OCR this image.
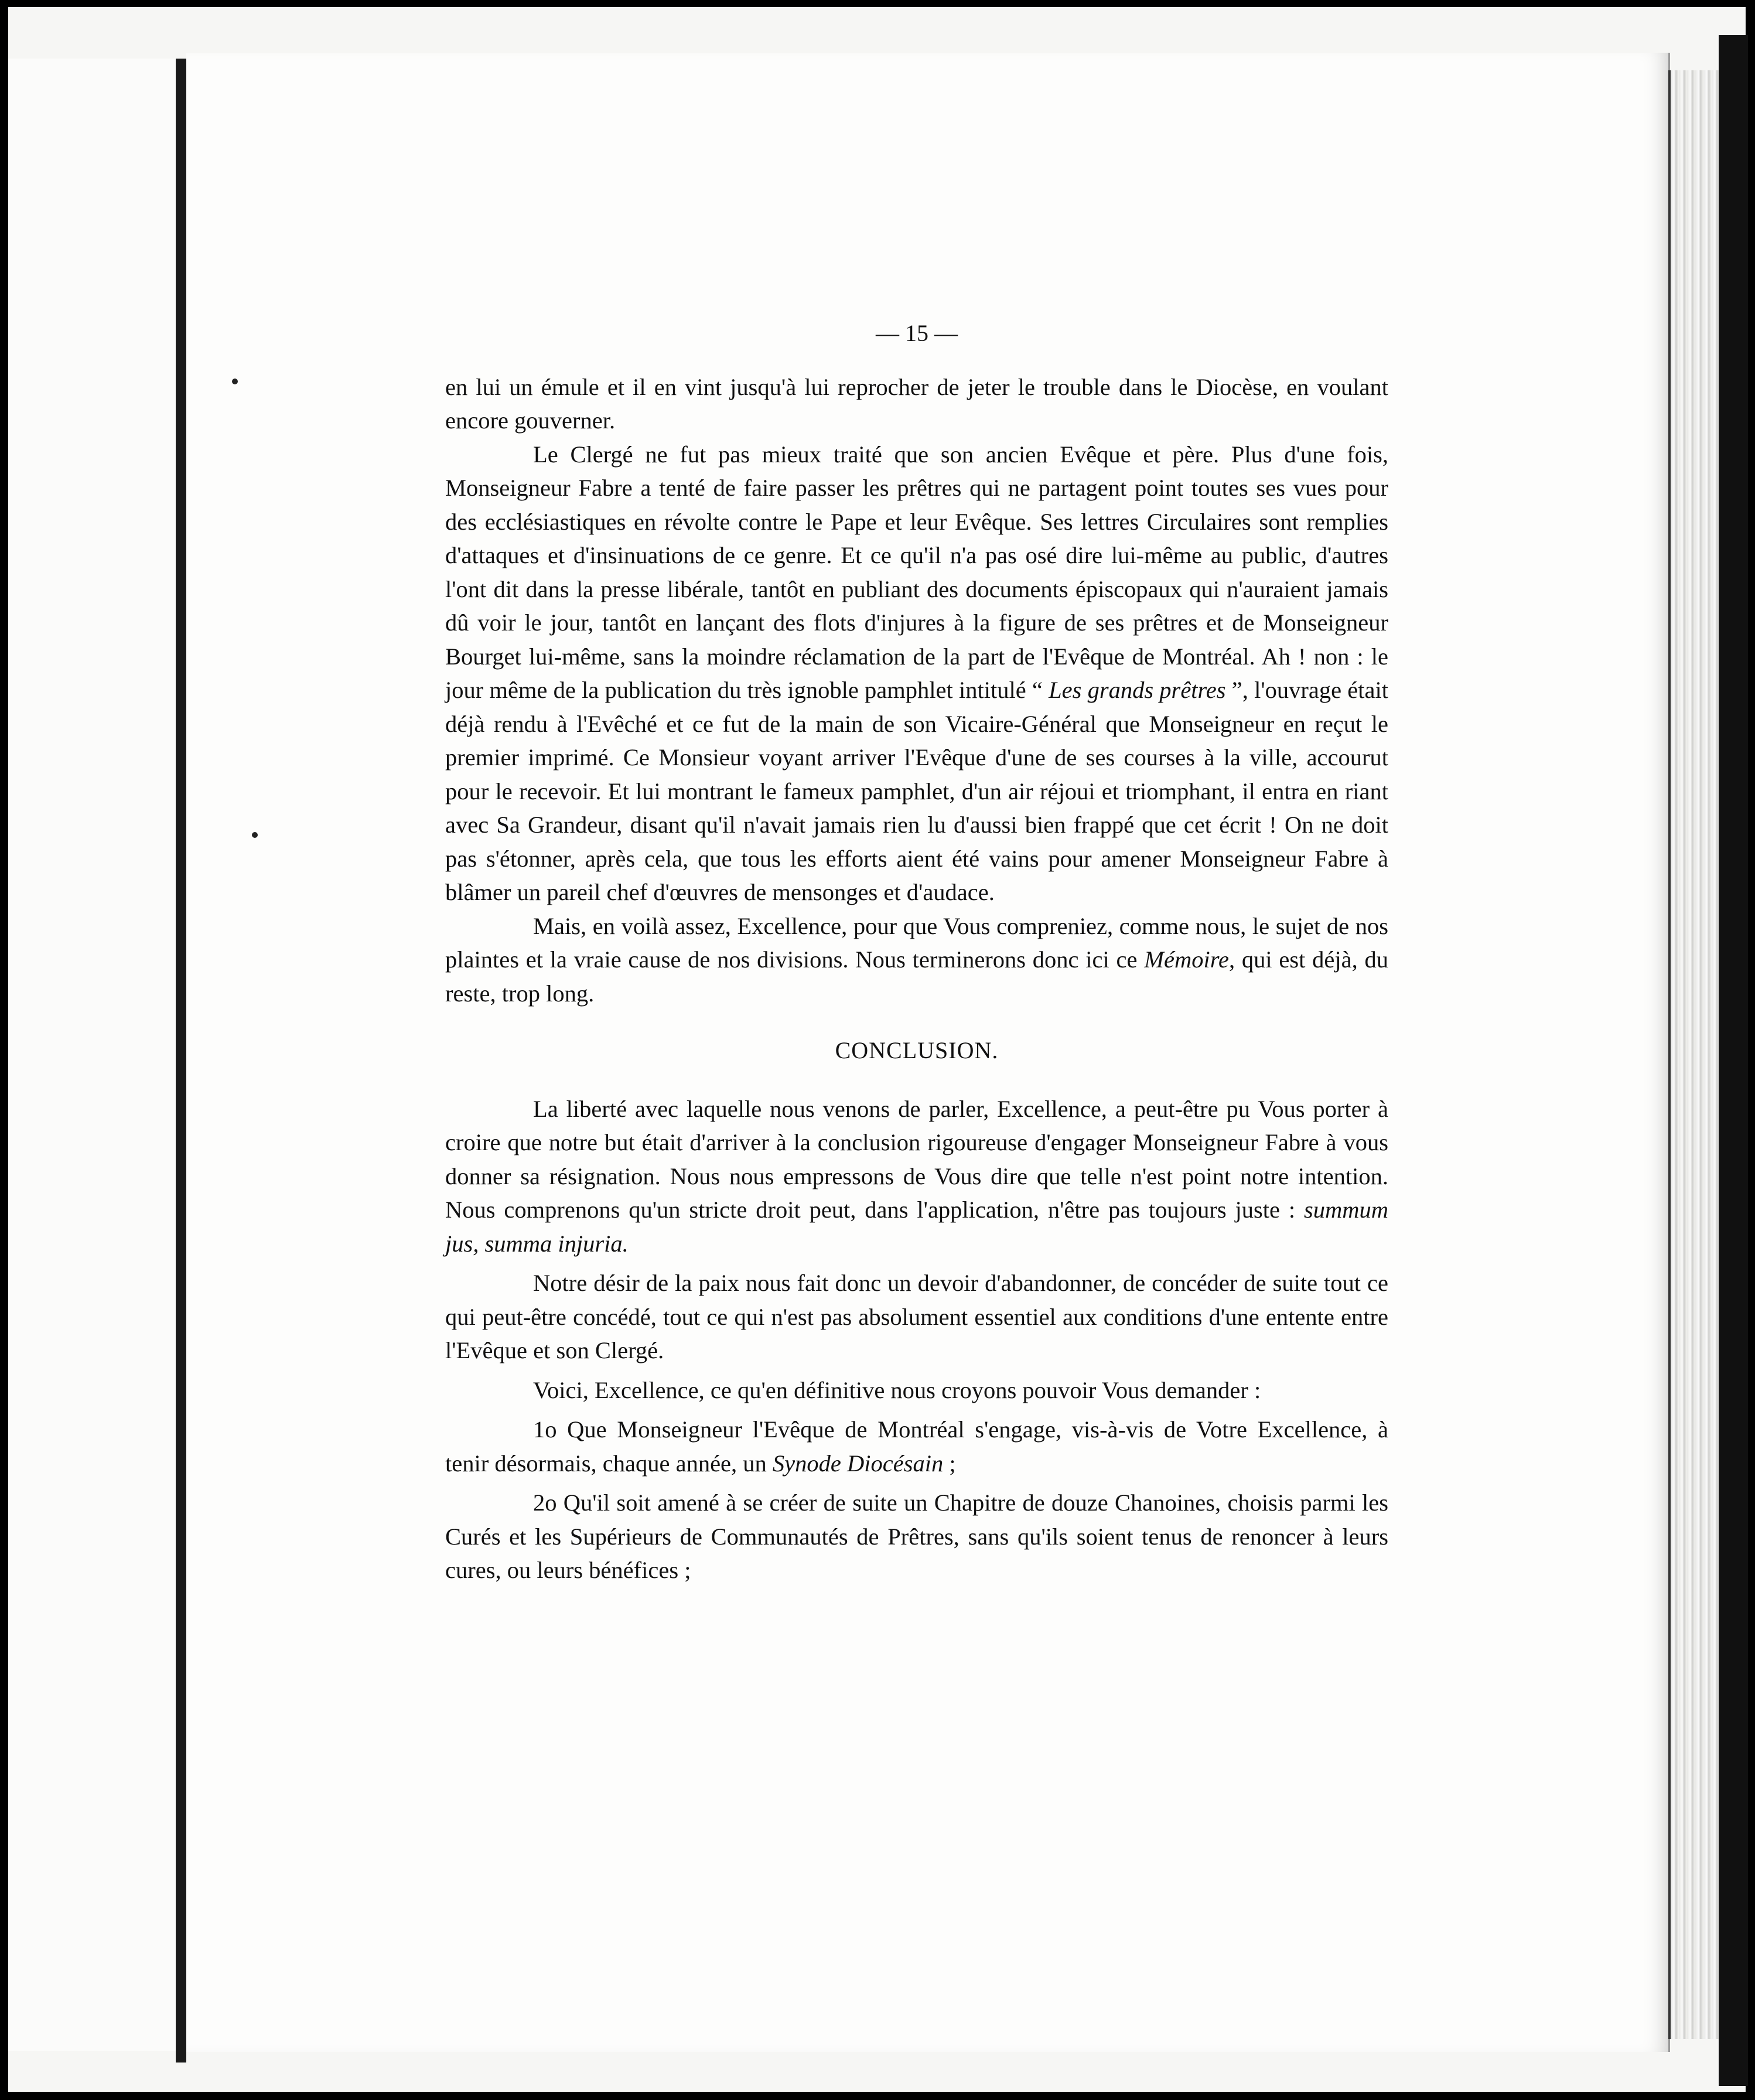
— 15 —

en lui un émule et il en vint jusqu'à lui reprocher de jeter le trouble dans le Diocèse, en voulant encore gouverner.

Le Clergé ne fut pas mieux traité que son ancien Evêque et père. Plus d'une fois, Monseigneur Fabre a tenté de faire passer les prêtres qui ne partagent point toutes ses vues pour des ecclésiastiques en révolte contre le Pape et leur Evêque. Ses lettres Circulaires sont remplies d'attaques et d'insinuations de ce genre. Et ce qu'il n'a pas osé dire lui-même au public, d'autres l'ont dit dans la presse libérale, tantôt en publiant des documents épiscopaux qui n'auraient jamais dû voir le jour, tantôt en lançant des flots d'injures à la figure de ses prêtres et de Monseigneur Bourget lui-même, sans la moindre réclamation de la part de l'Evêque de Montréal. Ah ! non : le jour même de la publication du très ignoble pamphlet intitulé “ Les grands prêtres ”, l'ouvrage était déjà rendu à l'Evêché et ce fut de la main de son Vicaire-Général que Monseigneur en reçut le premier imprimé. Ce Monsieur voyant arriver l'Evêque d'une de ses courses à la ville, accourut pour le recevoir. Et lui montrant le fameux pamphlet, d'un air réjoui et triomphant, il entra en riant avec Sa Grandeur, disant qu'il n'avait jamais rien lu d'aussi bien frappé que cet écrit ! On ne doit pas s'étonner, après cela, que tous les efforts aient été vains pour amener Monseigneur Fabre à blâmer un pareil chef d'œuvres de mensonges et d'audace.

Mais, en voilà assez, Excellence, pour que Vous compreniez, comme nous, le sujet de nos plaintes et la vraie cause de nos divisions. Nous terminerons donc ici ce Mémoire, qui est déjà, du reste, trop long.

CONCLUSION.

La liberté avec laquelle nous venons de parler, Excellence, a peut-être pu Vous porter à croire que notre but était d'arriver à la conclusion rigoureuse d'engager Monseigneur Fabre à vous donner sa résignation. Nous nous empressons de Vous dire que telle n'est point notre intention. Nous comprenons qu'un stricte droit peut, dans l'application, n'être pas toujours juste : summum jus, summa injuria.

Notre désir de la paix nous fait donc un devoir d'abandonner, de concéder de suite tout ce qui peut-être concédé, tout ce qui n'est pas absolument essentiel aux conditions d'une entente entre l'Evêque et son Clergé.

Voici, Excellence, ce qu'en définitive nous croyons pouvoir Vous demander :

1o Que Monseigneur l'Evêque de Montréal s'engage, vis-à-vis de Votre Excellence, à tenir désormais, chaque année, un Synode Diocésain ;

2o Qu'il soit amené à se créer de suite un Chapitre de douze Chanoines, choisis parmi les Curés et les Supérieurs de Communautés de Prêtres, sans qu'ils soient tenus de renoncer à leurs cures, ou leurs bénéfices ;
